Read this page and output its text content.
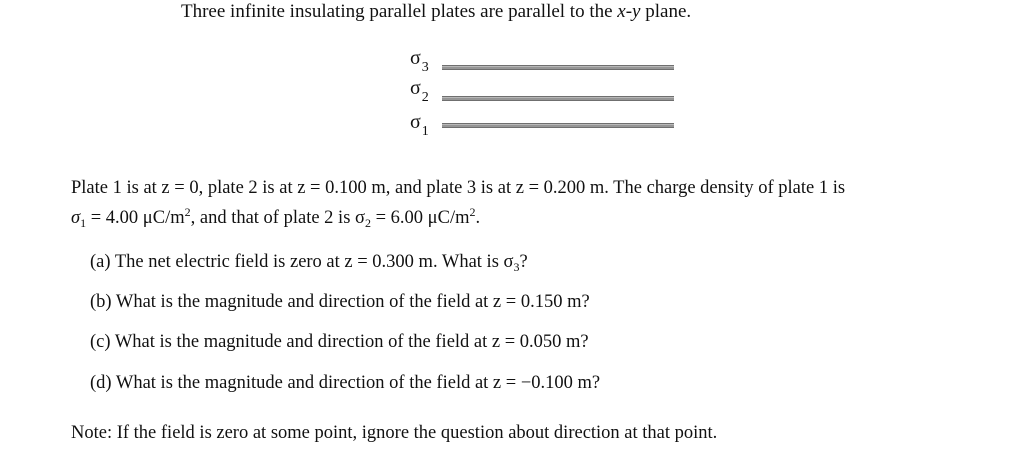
Three infinite insulating parallel plates are parallel to the x-y plane.
$\sigma_3$
$\sigma_2$
$\sigma_1$
Plate 1 is at z = 0, plate 2 is at z = 0.100 m, and plate 3 is at z = 0.200 m. The charge density of plate 1 is
$\sigma_1 = 4.00$ $\mu C/m^2$, and that of plate 2 is $\sigma_2 = 6.00$ $\mu C/m^2$.
(a) The net electric field is zero at z = 0.300 m. What is $\sigma_3$?
(b) What is the magnitude and direction of the field at z = 0.150 m?
(c) What is the magnitude and direction of the field at z = 0.050 m?
(d) What is the magnitude and direction of the field at z = −0.100 m?
Note: If the field is zero at some point, ignore the question about direction at that point.
